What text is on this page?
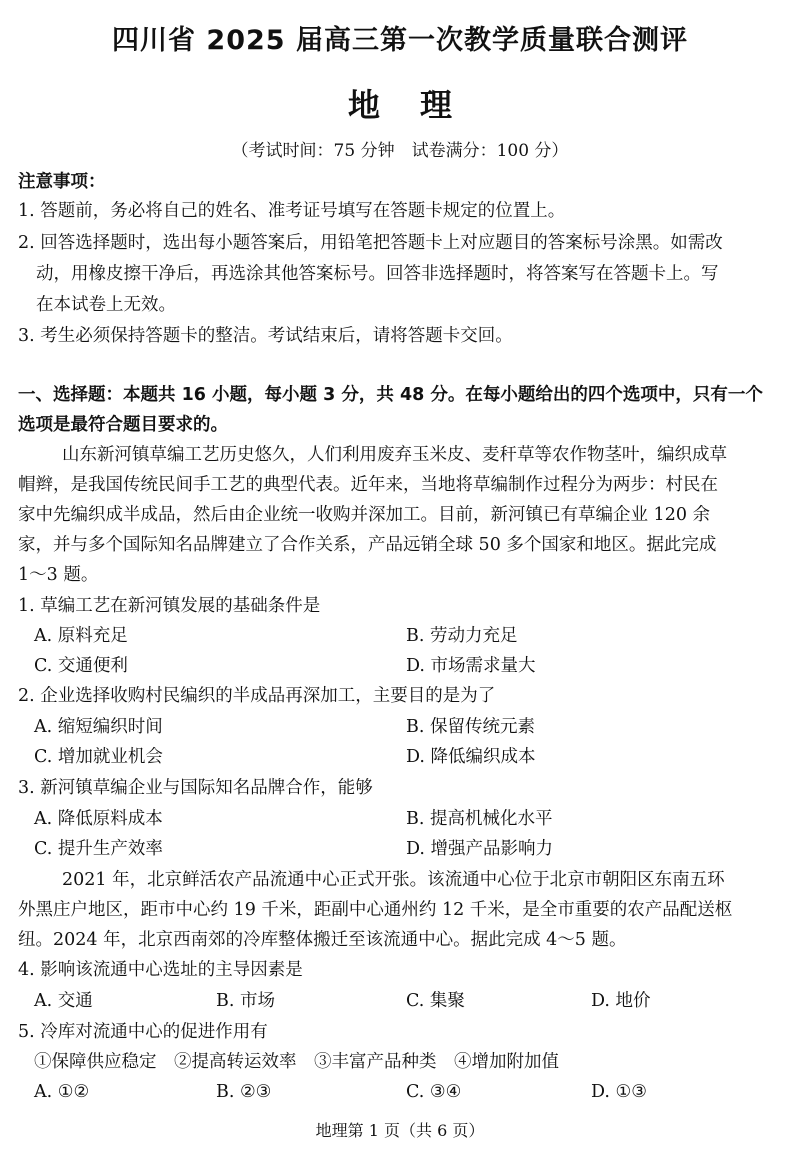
四川省 2025 届高三第一次教学质量联合测评
地理
（考试时间：75 分钟　试卷满分：100 分）
注意事项：
1. 答题前，务必将自己的姓名、准考证号填写在答题卡规定的位置上。
2. 回答选择题时，选出每小题答案后，用铅笔把答题卡上对应题目的答案标号涂黑。如需改
动，用橡皮擦干净后，再选涂其他答案标号。回答非选择题时，将答案写在答题卡上。写
在本试卷上无效。
3. 考生必须保持答题卡的整洁。考试结束后，请将答题卡交回。
一、选择题：本题共 16 小题，每小题 3 分，共 48 分。在每小题给出的四个选项中，只有一个
选项是最符合题目要求的。
山东新河镇草编工艺历史悠久，人们利用废弃玉米皮、麦秆草等农作物茎叶，编织成草
帽辫，是我国传统民间手工艺的典型代表。近年来，当地将草编制作过程分为两步：村民在
家中先编织成半成品，然后由企业统一收购并深加工。目前，新河镇已有草编企业 120 余
家，并与多个国际知名品牌建立了合作关系，产品远销全球 50 多个国家和地区。据此完成
1～3 题。
1. 草编工艺在新河镇发展的基础条件是
A. 原料充足	B. 劳动力充足
C. 交通便利	D. 市场需求量大
2. 企业选择收购村民编织的半成品再深加工，主要目的是为了
A. 缩短编织时间	B. 保留传统元素
C. 增加就业机会	D. 降低编织成本
3. 新河镇草编企业与国际知名品牌合作，能够
A. 降低原料成本	B. 提高机械化水平
C. 提升生产效率	D. 增强产品影响力
2021 年，北京鲜活农产品流通中心正式开张。该流通中心位于北京市朝阳区东南五环
外黑庄户地区，距市中心约 19 千米，距副中心通州约 12 千米，是全市重要的农产品配送枢
纽。2024 年，北京西南郊的冷库整体搬迁至该流通中心。据此完成 4～5 题。
4. 影响该流通中心选址的主导因素是
A. 交通	B. 市场	C. 集聚	D. 地价
5. 冷库对流通中心的促进作用有
①保障供应稳定　②提高转运效率　③丰富产品种类　④增加附加值
A. ①②	B. ②③	C. ③④	D. ①③
地理第 1 页（共 6 页）
